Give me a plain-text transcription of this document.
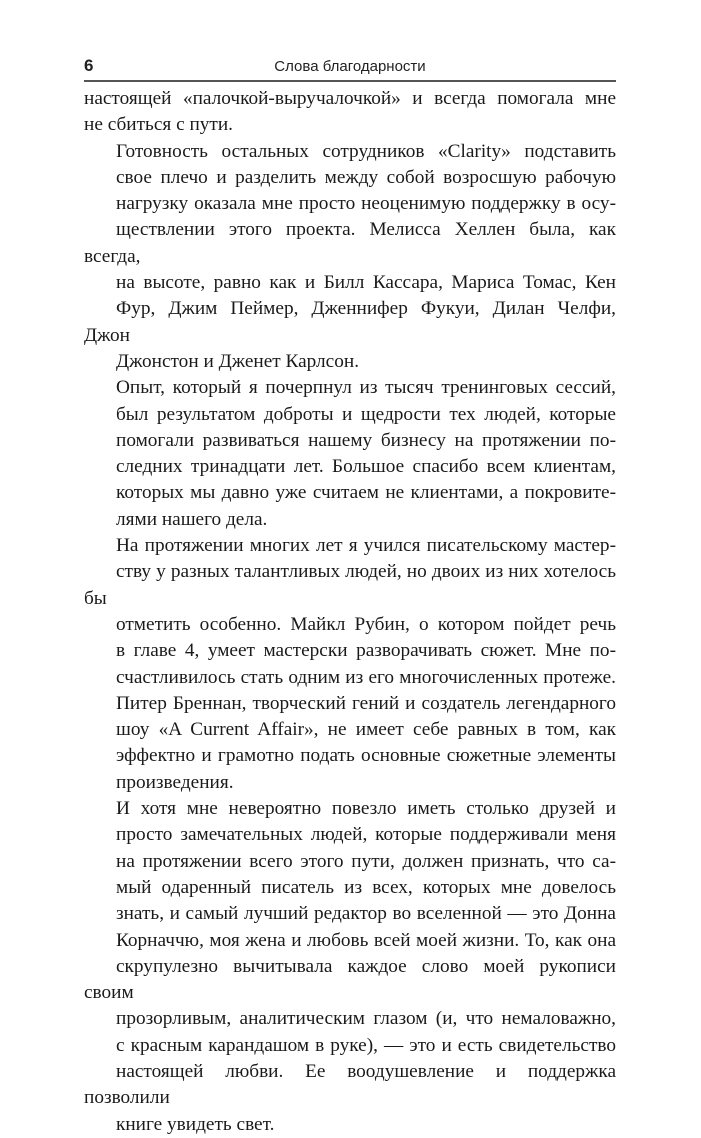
6	Слова благодарности

настоящей «палочкой-выручалочкой» и всегда помогала мне
не сбиться с пути.

Готовность остальных сотрудников «Clarity» подставить
свое плечо и разделить между собой возросшую рабочую
нагрузку оказала мне просто неоценимую поддержку в осу-
ществлении этого проекта. Мелисса Хеллен была, как всегда,
на высоте, равно как и Билл Кассара, Мариса Томас, Кен
Фур, Джим Пеймер, Дженнифер Фукуи, Дилан Челфи, Джон
Джонстон и Дженет Карлсон.

Опыт, который я почерпнул из тысяч тренинговых сессий,
был результатом доброты и щедрости тех людей, которые
помогали развиваться нашему бизнесу на протяжении по-
следних тринадцати лет. Большое спасибо всем клиентам,
которых мы давно уже считаем не клиентами, а покровите-
лями нашего дела.

На протяжении многих лет я учился писательскому мастер-
ству у разных талантливых людей, но двоих из них хотелось бы
отметить особенно. Майкл Рубин, о котором пойдет речь
в главе 4, умеет мастерски разворачивать сюжет. Мне по-
счастливилось стать одним из его многочисленных протеже.
Питер Бреннан, творческий гений и создатель легендарного
шоу «A Current Affair», не имеет себе равных в том, как
эффектно и грамотно подать основные сюжетные элементы
произведения.

И хотя мне невероятно повезло иметь столько друзей и
просто замечательных людей, которые поддерживали меня
на протяжении всего этого пути, должен признать, что са-
мый одаренный писатель из всех, которых мне довелось
знать, и самый лучший редактор во вселенной — это Донна
Корначчю, моя жена и любовь всей моей жизни. То, как она
скрупулезно вычитывала каждое слово моей рукописи своим
прозорливым, аналитическим глазом (и, что немаловажно,
с красным карандашом в руке), — это и есть свидетельство
настоящей любви. Ее воодушевление и поддержка позволили
книге увидеть свет.
